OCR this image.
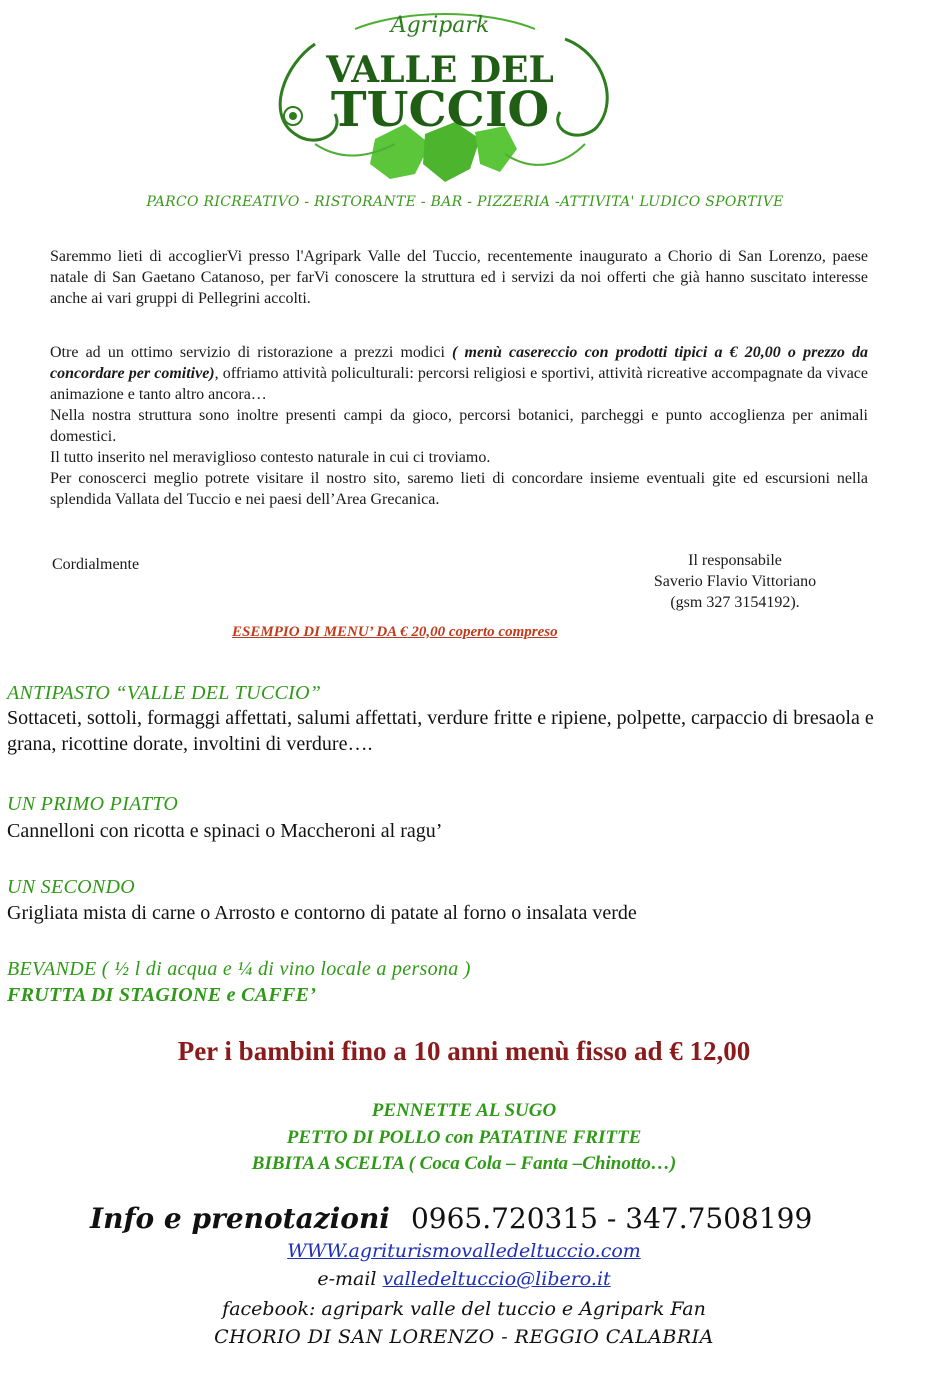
Agripark
VALLE DEL
TUCCIO
PARCO RICREATIVO - RISTORANTE - BAR - PIZZERIA -ATTIVITA' LUDICO SPORTIVE
Saremmo lieti di accoglierVi presso l'Agripark Valle del Tuccio, recentemente inaugurato a Chorio di San Lorenzo, paese natale di San Gaetano Catanoso, per farVi conoscere la struttura ed i servizi da noi offerti che già hanno suscitato interesse anche ai vari gruppi di Pellegrini accolti.
Otre ad un ottimo servizio di ristorazione a prezzi modici ( menù casereccio con prodotti tipici a € 20,00 o prezzo da concordare per comitive), offriamo attività policulturali: percorsi religiosi e sportivi, attività ricreative accompagnate da vivace animazione e tanto altro ancora…
Nella nostra struttura sono inoltre presenti campi da gioco, percorsi botanici, parcheggi e punto accoglienza per animali domestici.
Il tutto inserito nel meraviglioso contesto naturale in cui ci troviamo.
Per conoscerci meglio potrete visitare il nostro sito, saremo lieti di concordare insieme eventuali gite ed escursioni nella splendida Vallata del Tuccio e nei paesi dell’Area Grecanica.
Cordialmente	Il responsabile
Saverio Flavio Vittoriano
(gsm 327 3154192).
ESEMPIO DI MENU’ DA € 20,00 coperto compreso
ANTIPASTO “VALLE DEL TUCCIO”
Sottaceti, sottoli, formaggi affettati, salumi affettati, verdure fritte e ripiene, polpette, carpaccio di bresaola e grana, ricottine dorate, involtini di verdure….
UN PRIMO PIATTO
Cannelloni con ricotta e spinaci o Maccheroni al ragu’
UN SECONDO
Grigliata mista di carne o Arrosto e contorno di patate al forno o insalata verde
BEVANDE ( ½ l di acqua e ¼ di vino locale a persona )
FRUTTA DI STAGIONE e CAFFE’
Per i bambini fino a 10 anni menù fisso ad € 12,00
PENNETTE AL SUGO
PETTO DI POLLO con PATATINE FRITTE
BIBITA A SCELTA ( Coca Cola – Fanta –Chinotto…)
Info e prenotazioni 0965.720315 - 347.7508199
WWW.agriturismovalledeltuccio.com
e-mail valledeltuccio@libero.it
facebook: agripark valle del tuccio e Agripark Fan
CHORIO DI SAN LORENZO - REGGIO CALABRIA
